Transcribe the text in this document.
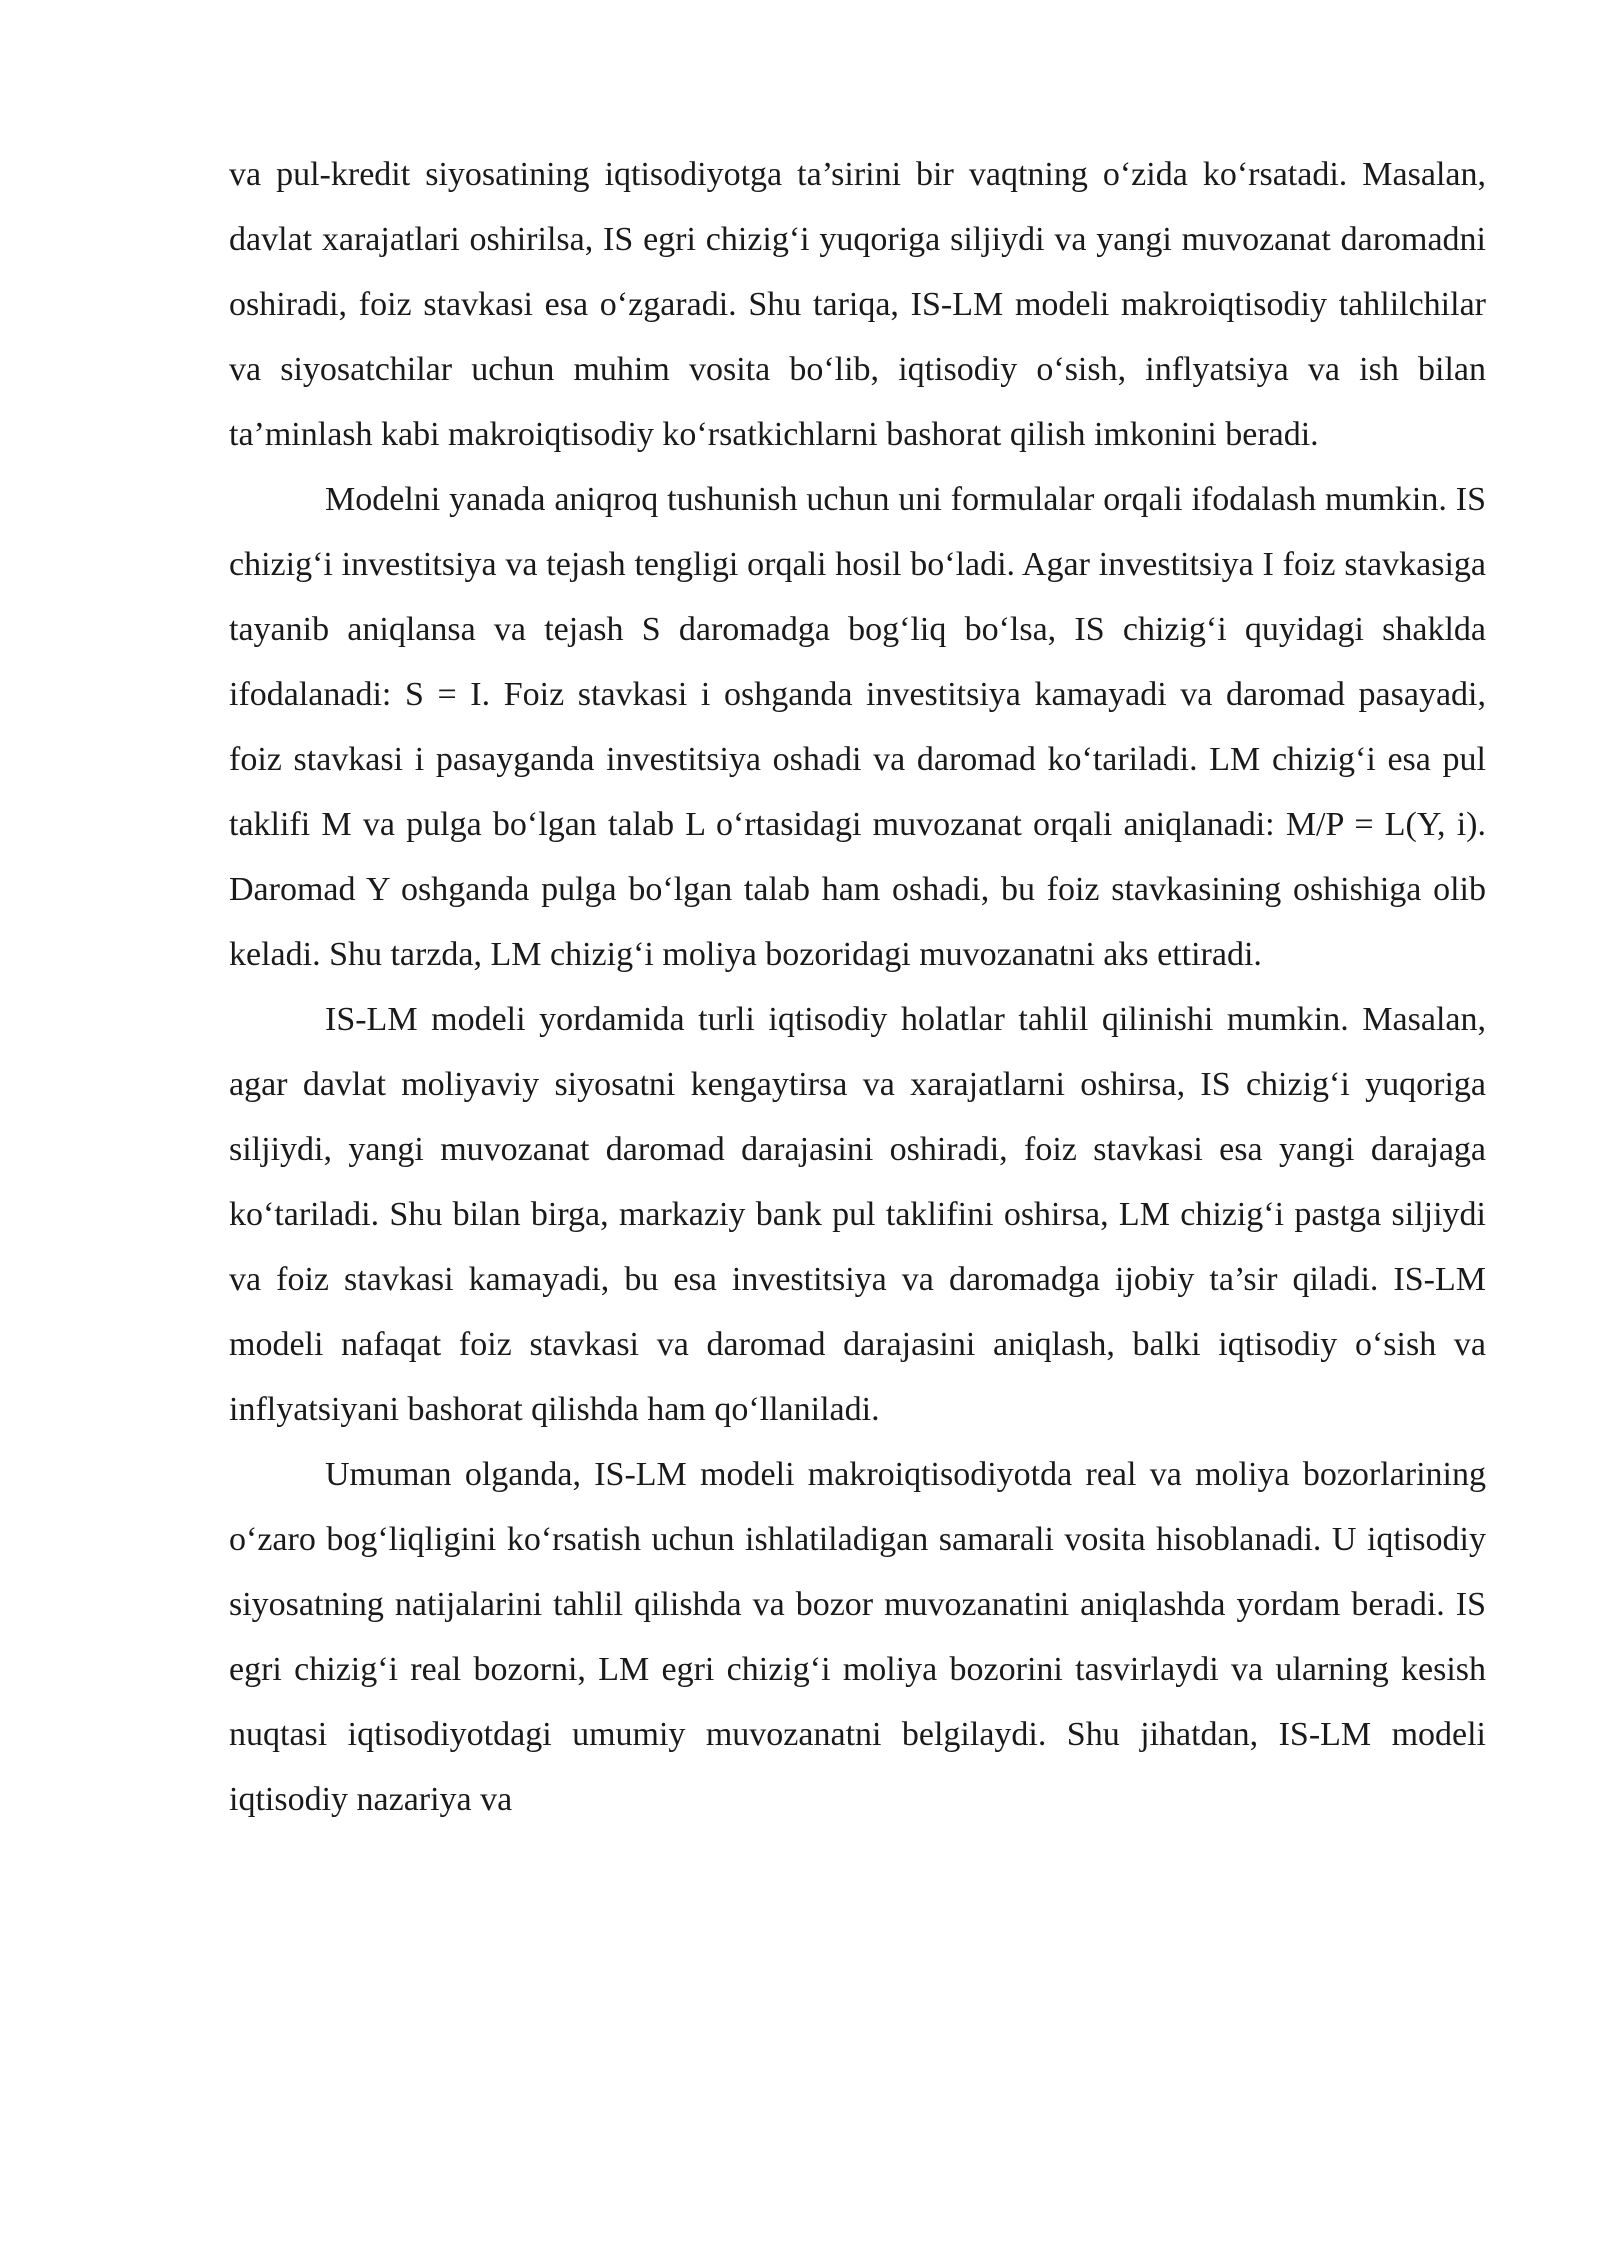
va pul-kredit siyosatining iqtisodiyotga ta’sirini bir vaqtning o‘zida ko‘rsatadi. Masalan, davlat xarajatlari oshirilsa, IS egri chizig‘i yuqoriga siljiydi va yangi muvozanat daromadni oshiradi, foiz stavkasi esa o‘zgaradi. Shu tariqa, IS-LM modeli makroiqtisodiy tahlilchilar va siyosatchilar uchun muhim vosita bo‘lib, iqtisodiy o‘sish, inflyatsiya va ish bilan ta’minlash kabi makroiqtisodiy ko‘rsatkichlarni bashorat qilish imkonini beradi.

Modelni yanada aniqroq tushunish uchun uni formulalar orqali ifodalash mumkin. IS chizig‘i investitsiya va tejash tengligi orqali hosil bo‘ladi. Agar investitsiya I foiz stavkasiga tayanib aniqlansa va tejash S daromadga bog‘liq bo‘lsa, IS chizig‘i quyidagi shaklda ifodalanadi: S = I. Foiz stavkasi i oshganda investitsiya kamayadi va daromad pasayadi, foiz stavkasi i pasayganda investitsiya oshadi va daromad ko‘tariladi. LM chizig‘i esa pul taklifi M va pulga bo‘lgan talab L o‘rtasidagi muvozanat orqali aniqlanadi: M/P = L(Y, i). Daromad Y oshganda pulga bo‘lgan talab ham oshadi, bu foiz stavkasining oshishiga olib keladi. Shu tarzda, LM chizig‘i moliya bozoridagi muvozanatni aks ettiradi.

IS-LM modeli yordamida turli iqtisodiy holatlar tahlil qilinishi mumkin. Masalan, agar davlat moliyaviy siyosatni kengaytirsa va xarajatlarni oshirsa, IS chizig‘i yuqoriga siljiydi, yangi muvozanat daromad darajasini oshiradi, foiz stavkasi esa yangi darajaga ko‘tariladi. Shu bilan birga, markaziy bank pul taklifini oshirsa, LM chizig‘i pastga siljiydi va foiz stavkasi kamayadi, bu esa investitsiya va daromadga ijobiy ta’sir qiladi. IS-LM modeli nafaqat foiz stavkasi va daromad darajasini aniqlash, balki iqtisodiy o‘sish va inflyatsiyani bashorat qilishda ham qo‘llaniladi.

Umuman olganda, IS-LM modeli makroiqtisodiyotda real va moliya bozorlarining o‘zaro bog‘liqligini ko‘rsatish uchun ishlatiladigan samarali vosita hisoblanadi. U iqtisodiy siyosatning natijalarini tahlil qilishda va bozor muvozanatini aniqlashda yordam beradi. IS egri chizig‘i real bozorni, LM egri chizig‘i moliya bozorini tasvirlaydi va ularning kesish nuqtasi iqtisodiyotdagi umumiy muvozanatni belgilaydi. Shu jihatdan, IS-LM modeli iqtisodiy nazariya va
